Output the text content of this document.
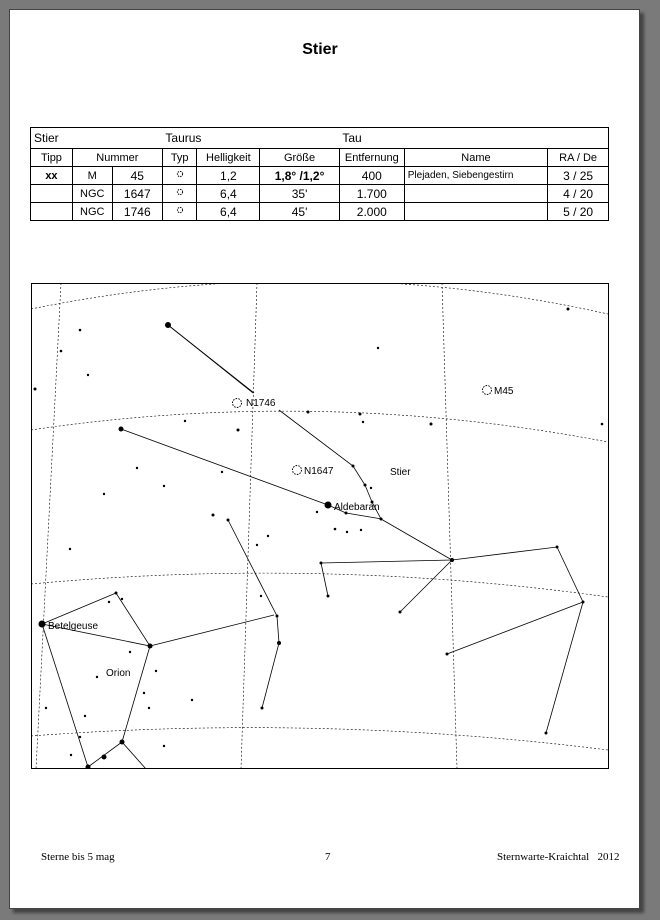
Stier
Stier			Taurus			Tau		
Tipp	Nummer		Typ	Helligkeit	Größe	Entfernung	Name	RA / De
xx	M	45		1,2	1,8° /1,2°	400	Plejaden, Siebengestirn	3 / 25
	NGC	1647		6,4	35'	1.700		4 / 20
	NGC	1746		6,4	45'	2.000		5 / 20
N1746
M45
N1647	Stier
Aldebaran
Betelgeuse
Orion
Sterne bis 5 mag	7	Sternwarte-Kraichtal   2012
